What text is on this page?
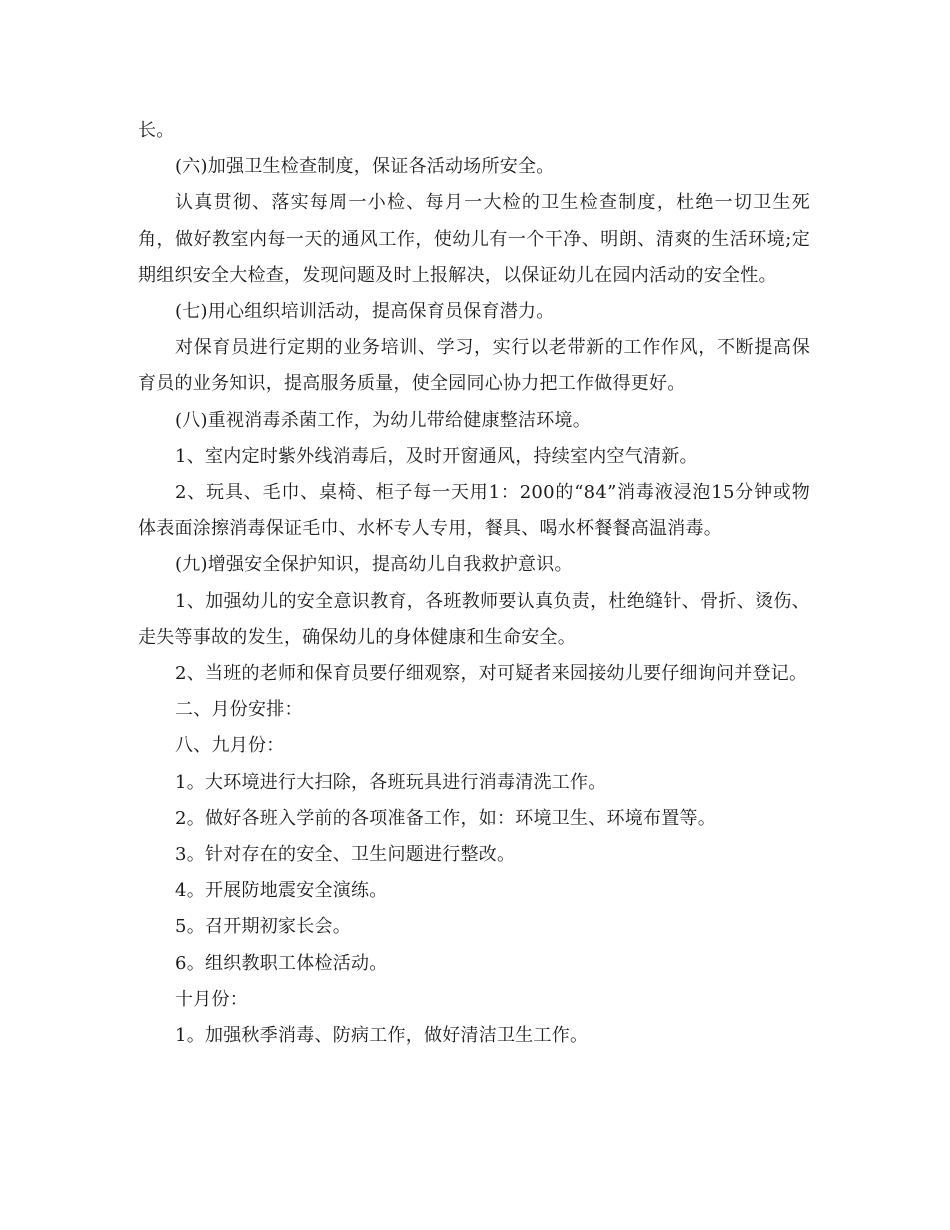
长。

(六)加强卫生检查制度，保证各活动场所安全。

认真贯彻、落实每周一小检、每月一大检的卫生检查制度，杜绝一切卫生死角，做好教室内每一天的通风工作，使幼儿有一个干净、明朗、清爽的生活环境;定期组织安全大检查，发现问题及时上报解决，以保证幼儿在园内活动的安全性。

(七)用心组织培训活动，提高保育员保育潜力。

对保育员进行定期的业务培训、学习，实行以老带新的工作作风，不断提高保育员的业务知识，提高服务质量，使全园同心协力把工作做得更好。

(八)重视消毒杀菌工作，为幼儿带给健康整洁环境。

1、室内定时紫外线消毒后，及时开窗通风，持续室内空气清新。

2、玩具、毛巾、桌椅、柜子每一天用1：200的“84”消毒液浸泡15分钟或物体表面涂擦消毒保证毛巾、水杯专人专用，餐具、喝水杯餐餐高温消毒。

(九)增强安全保护知识，提高幼儿自我救护意识。

1、加强幼儿的安全意识教育，各班教师要认真负责，杜绝缝针、骨折、烫伤、走失等事故的发生，确保幼儿的身体健康和生命安全。

2、当班的老师和保育员要仔细观察，对可疑者来园接幼儿要仔细询问并登记。

二、月份安排：

八、九月份：

1。大环境进行大扫除，各班玩具进行消毒清洗工作。

2。做好各班入学前的各项准备工作，如：环境卫生、环境布置等。

3。针对存在的安全、卫生问题进行整改。

4。开展防地震安全演练。

5。召开期初家长会。

6。组织教职工体检活动。

十月份：

1。加强秋季消毒、防病工作，做好清洁卫生工作。
